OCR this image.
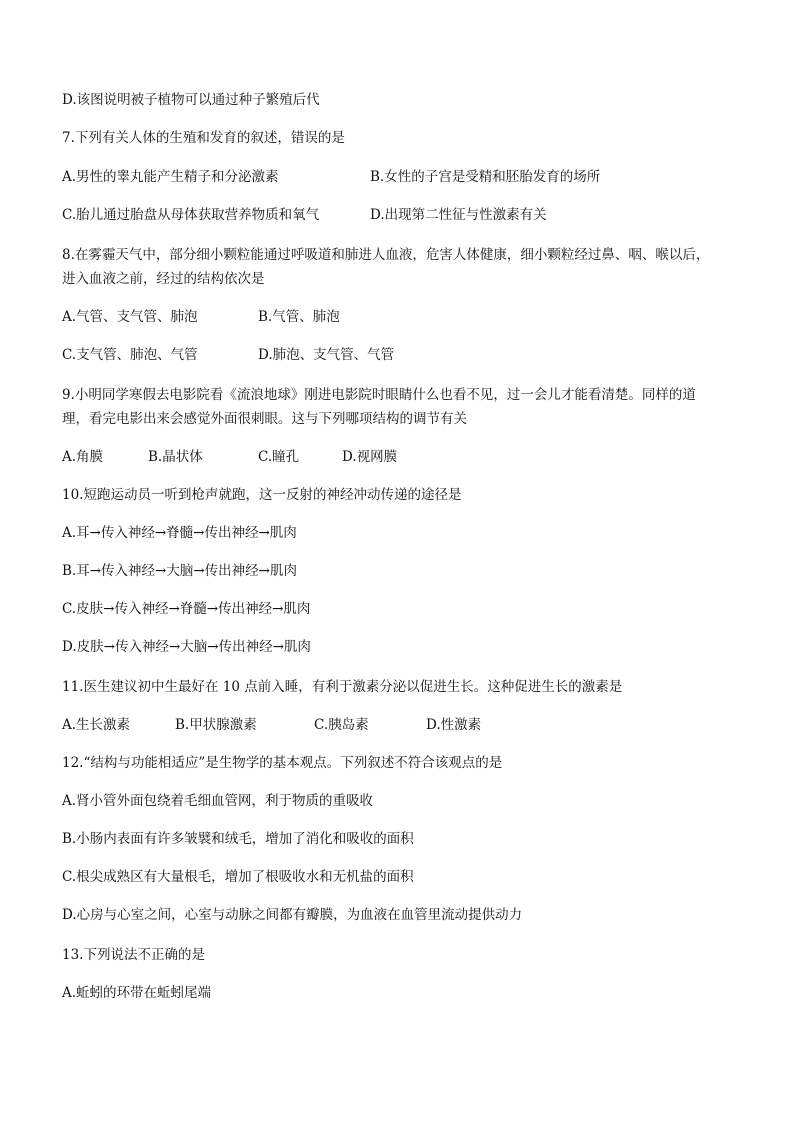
D.该图说明被子植物可以通过种子繁殖后代
7.下列有关人体的生殖和发育的叙述，错误的是
A.男性的睾丸能产生精子和分泌激素	B.女性的子宫是受精和胚胎发育的场所
C.胎儿通过胎盘从母体获取营养物质和氧气	D.出现第二性征与性激素有关
8.在雾霾天气中，部分细小颗粒能通过呼吸道和肺进人血液，危害人体健康，细小颗粒经过鼻、咽、喉以后，
进入血液之前，经过的结构依次是
A.气管、支气管、肺泡	B.气管、肺泡
C.支气管、肺泡、气管	D.肺泡、支气管、气管
9.小明同学寒假去电影院看《流浪地球》刚进电影院时眼睛什么也看不见，过一会儿才能看清楚。同样的道
理，看完电影出来会感觉外面很刺眼。这与下列哪项结构的调节有关
A.角膜	B.晶状体	C.瞳孔	D.视网膜
10.短跑运动员一听到枪声就跑，这一反射的神经冲动传递的途径是
A.耳→传入神经→脊髓→传出神经→肌肉
B.耳→传入神经→大脑→传出神经→肌肉
C.皮肤→传入神经→脊髓→传出神经→肌肉
D.皮肤→传入神经→大脑→传出神经→肌肉
11.医生建议初中生最好在 10 点前入睡，有利于激素分泌以促进生长。这种促进生长的激素是
A.生长激素	B.甲状腺激素	C.胰岛素	D.性激素
12.“结构与功能相适应”是生物学的基本观点。下列叙述不符合该观点的是
A.肾小管外面包绕着毛细血管网，利于物质的重吸收
B.小肠内表面有许多皱襞和绒毛，增加了消化和吸收的面积
C.根尖成熟区有大量根毛，增加了根吸收水和无机盐的面积
D.心房与心室之间，心室与动脉之间都有瓣膜，为血液在血管里流动提供动力
13.下列说法不正确的是
A.蚯蚓的环带在蚯蚓尾端
